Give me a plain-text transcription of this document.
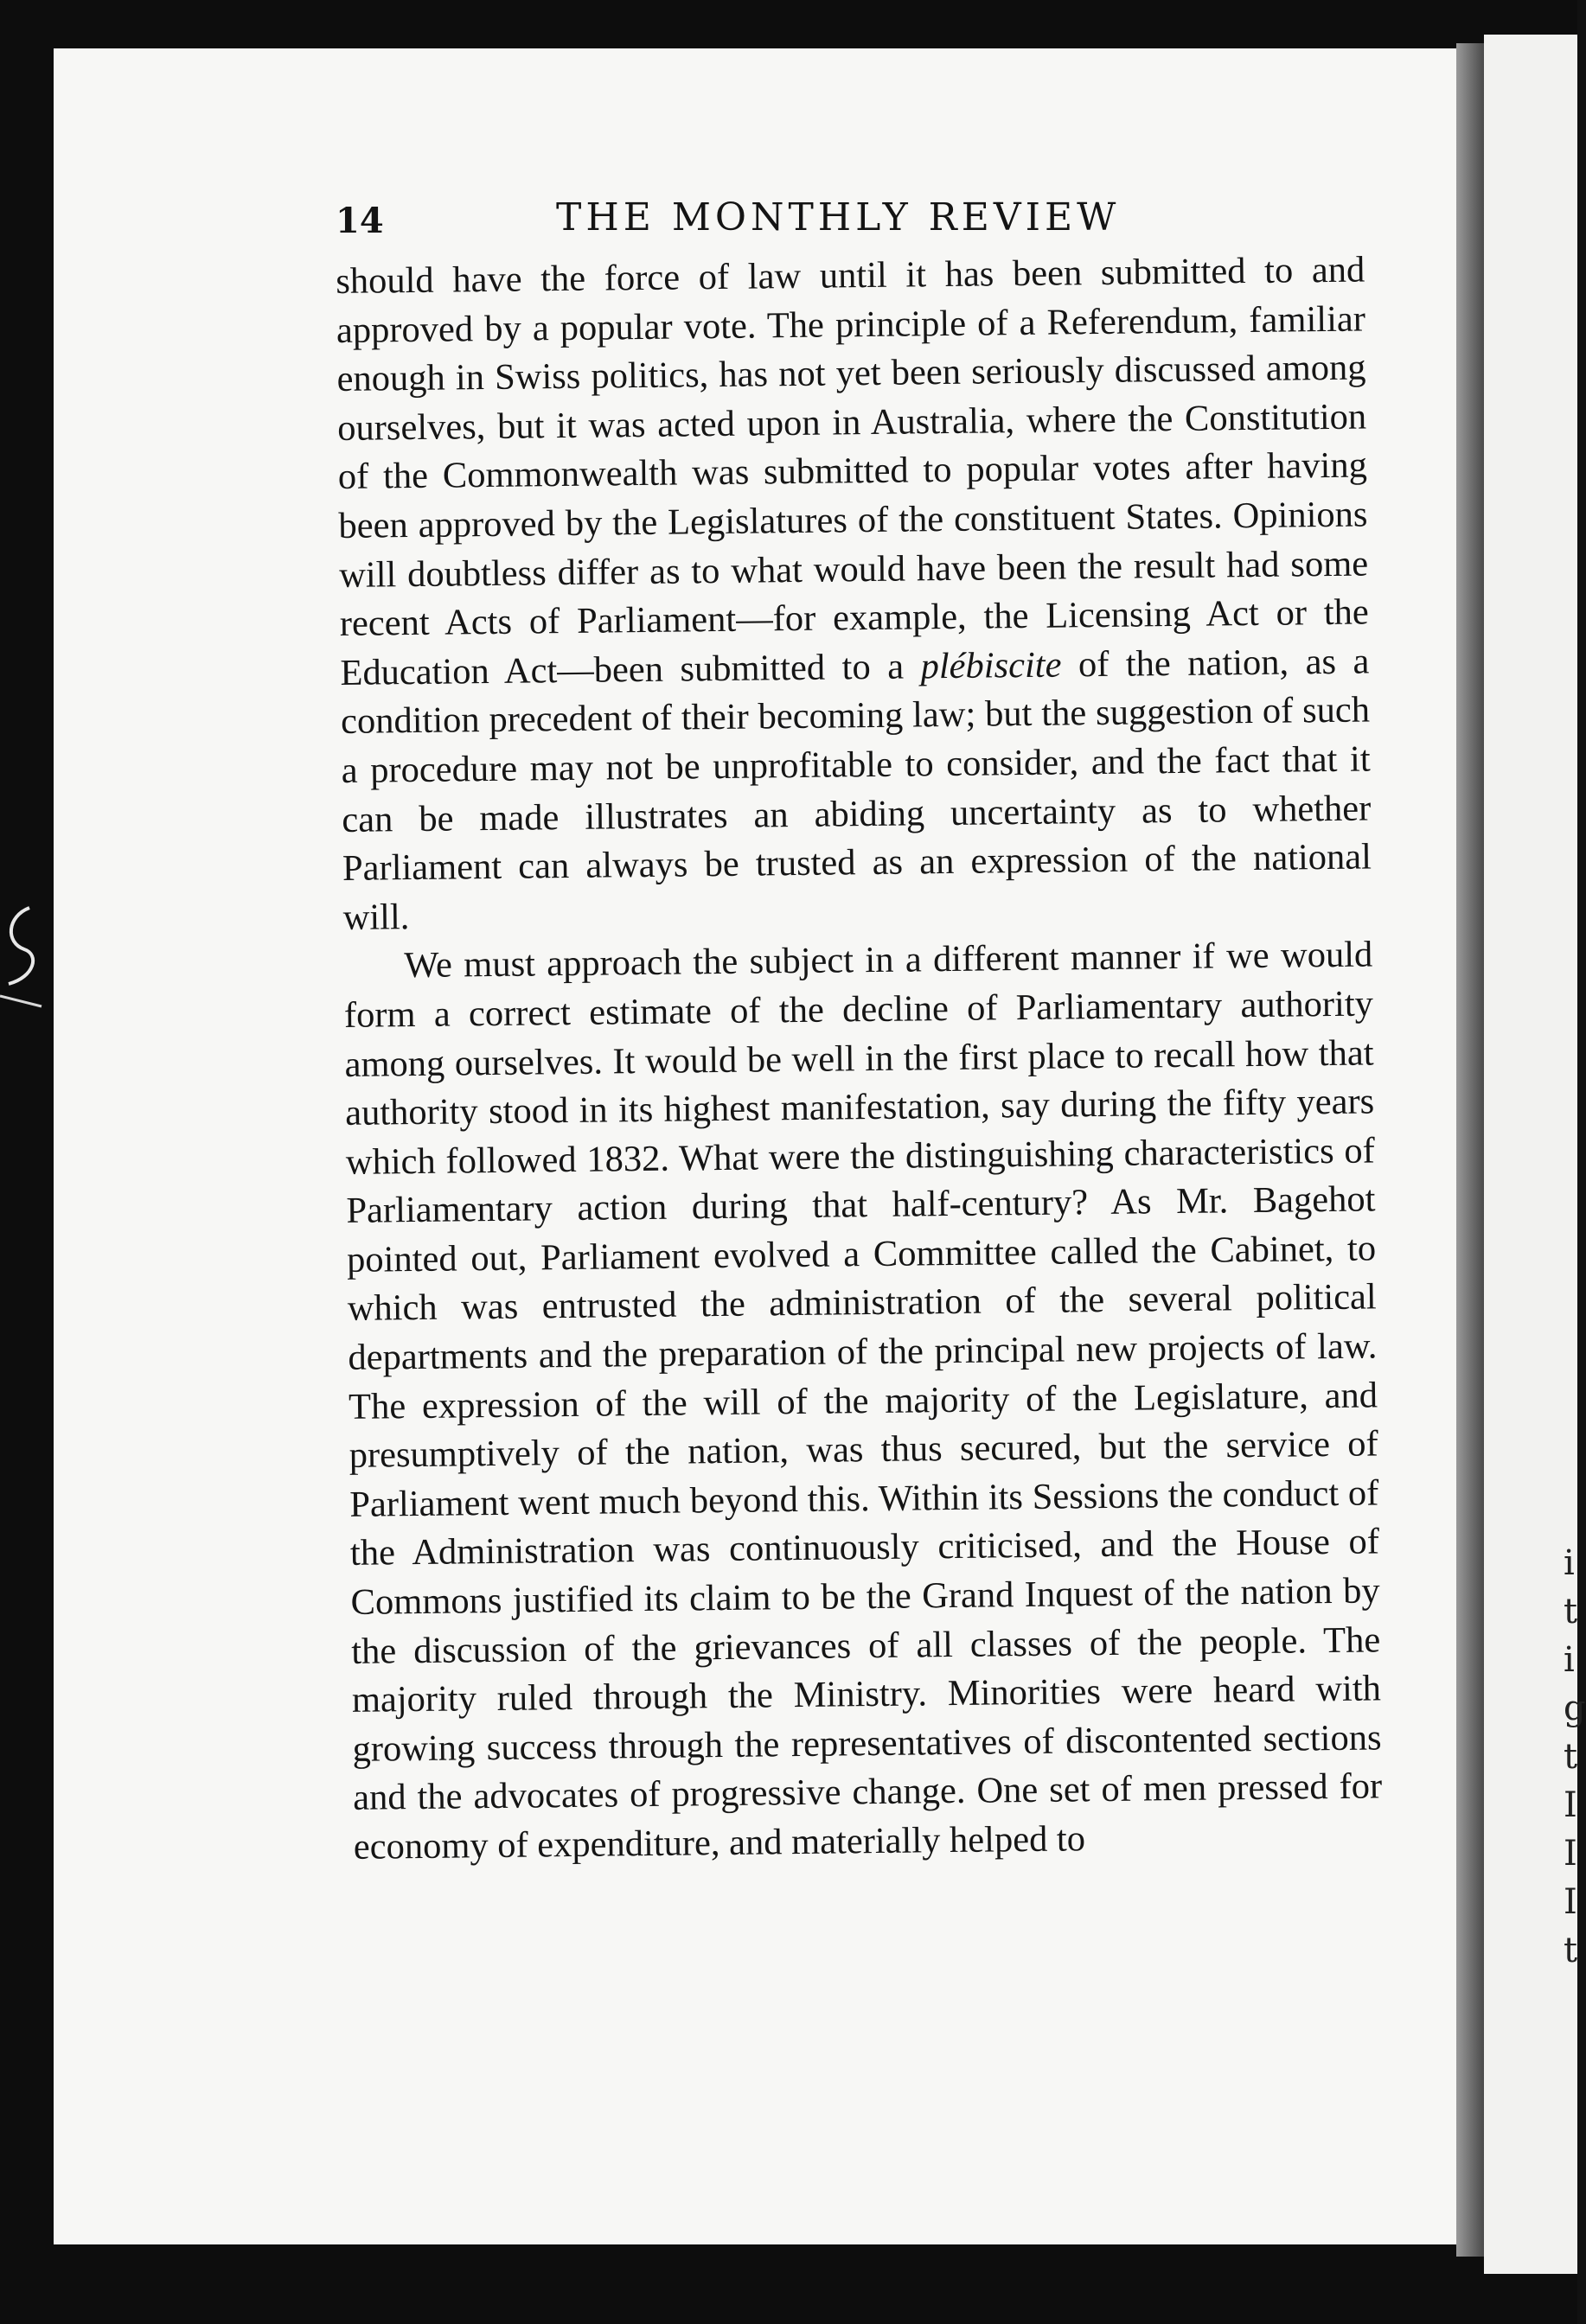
i
t
i
g
t
I
I
I
t
14	THE MONTHLY REVIEW

should have the force of law until it has been submitted to and approved by a popular vote. The principle of a Referendum, familiar enough in Swiss politics, has not yet been seriously discussed among ourselves, but it was acted upon in Australia, where the Constitution of the Commonwealth was submitted to popular votes after having been approved by the Legislatures of the constituent States. Opinions will doubtless differ as to what would have been the result had some recent Acts of Parliament—for example, the Licensing Act or the Education Act—been submitted to a plébiscite of the nation, as a condition precedent of their becoming law; but the suggestion of such a procedure may not be unprofitable to consider, and the fact that it can be made illustrates an abiding uncertainty as to whether Parliament can always be trusted as an expression of the national will.

We must approach the subject in a different manner if we would form a correct estimate of the decline of Parliamentary authority among ourselves. It would be well in the first place to recall how that authority stood in its highest manifestation, say during the fifty years which followed 1832. What were the distinguishing characteristics of Parliamentary action during that half-century? As Mr. Bagehot pointed out, Parliament evolved a Committee called the Cabinet, to which was entrusted the administration of the several political departments and the preparation of the principal new projects of law. The expression of the will of the majority of the Legislature, and presumptively of the nation, was thus secured, but the service of Parliament went much beyond this. Within its Sessions the conduct of the Administration was continuously criticised, and the House of Commons justified its claim to be the Grand Inquest of the nation by the discussion of the grievances of all classes of the people. The majority ruled through the Ministry. Minorities were heard with growing success through the representatives of discontented sections and the advocates of progressive change. One set of men pressed for economy of expenditure, and materially helped to
